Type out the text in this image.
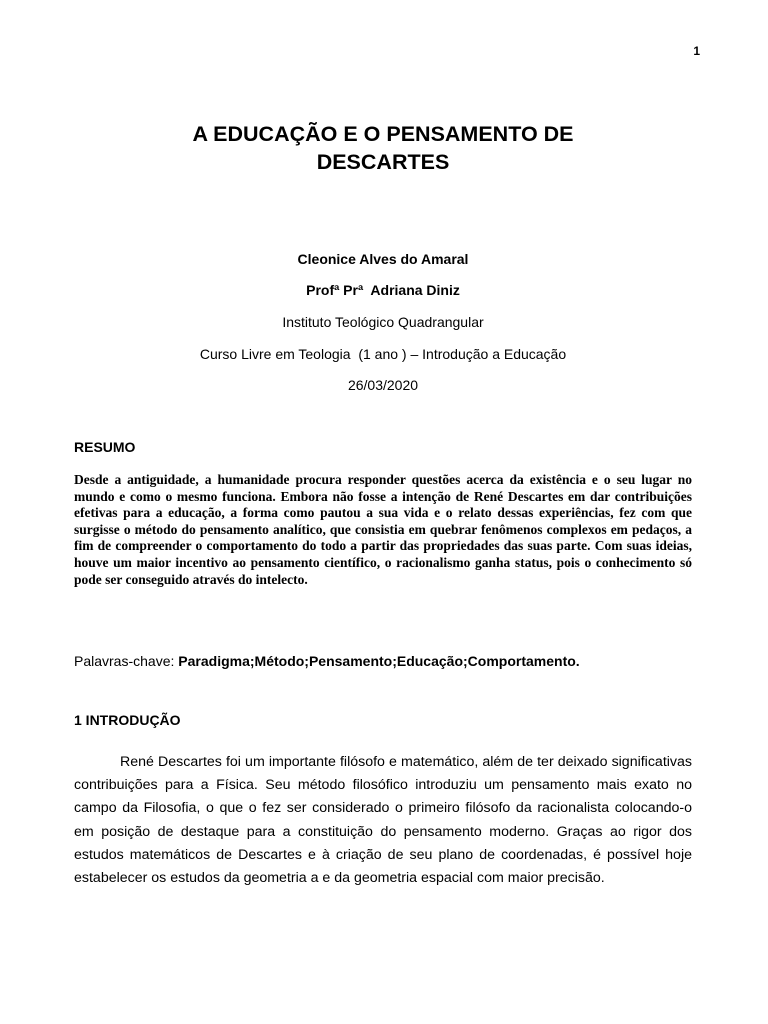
1
A EDUCAÇÃO E O PENSAMENTO DE
DESCARTES
Cleonice Alves do Amaral
Profª Prª  Adriana Diniz
Instituto Teológico Quadrangular
Curso Livre em Teologia  (1 ano ) – Introdução a Educação
26/03/2020
RESUMO

Desde a antiguidade, a humanidade procura responder questões acerca da existência e o seu lugar no mundo e como o mesmo funciona. Embora não fosse a intenção de René Descartes em dar contribuições efetivas para a educação, a forma como pautou a sua vida e o relato dessas experiências, fez com que surgisse o método do pensamento analítico, que consistia em quebrar fenômenos complexos em pedaços, a fim de compreender o comportamento do todo a partir das propriedades das suas parte. Com suas ideias, houve um maior incentivo ao pensamento científico, o racionalismo ganha status, pois o conhecimento só pode ser conseguido através do intelecto.

Palavras-chave: Paradigma;Método;Pensamento;Educação;Comportamento.
1 INTRODUÇÃO

René Descartes foi um importante filósofo e matemático, além de ter deixado significativas contribuições para a Física. Seu método filosófico introduziu um pensamento mais exato no campo da Filosofia, o que o fez ser considerado o primeiro filósofo da racionalista colocando-o em posição de destaque para a constituição do pensamento moderno. Graças ao rigor dos estudos matemáticos de Descartes e à criação de seu plano de coordenadas, é possível hoje estabelecer os estudos da geometria a e da geometria espacial com maior precisão.
